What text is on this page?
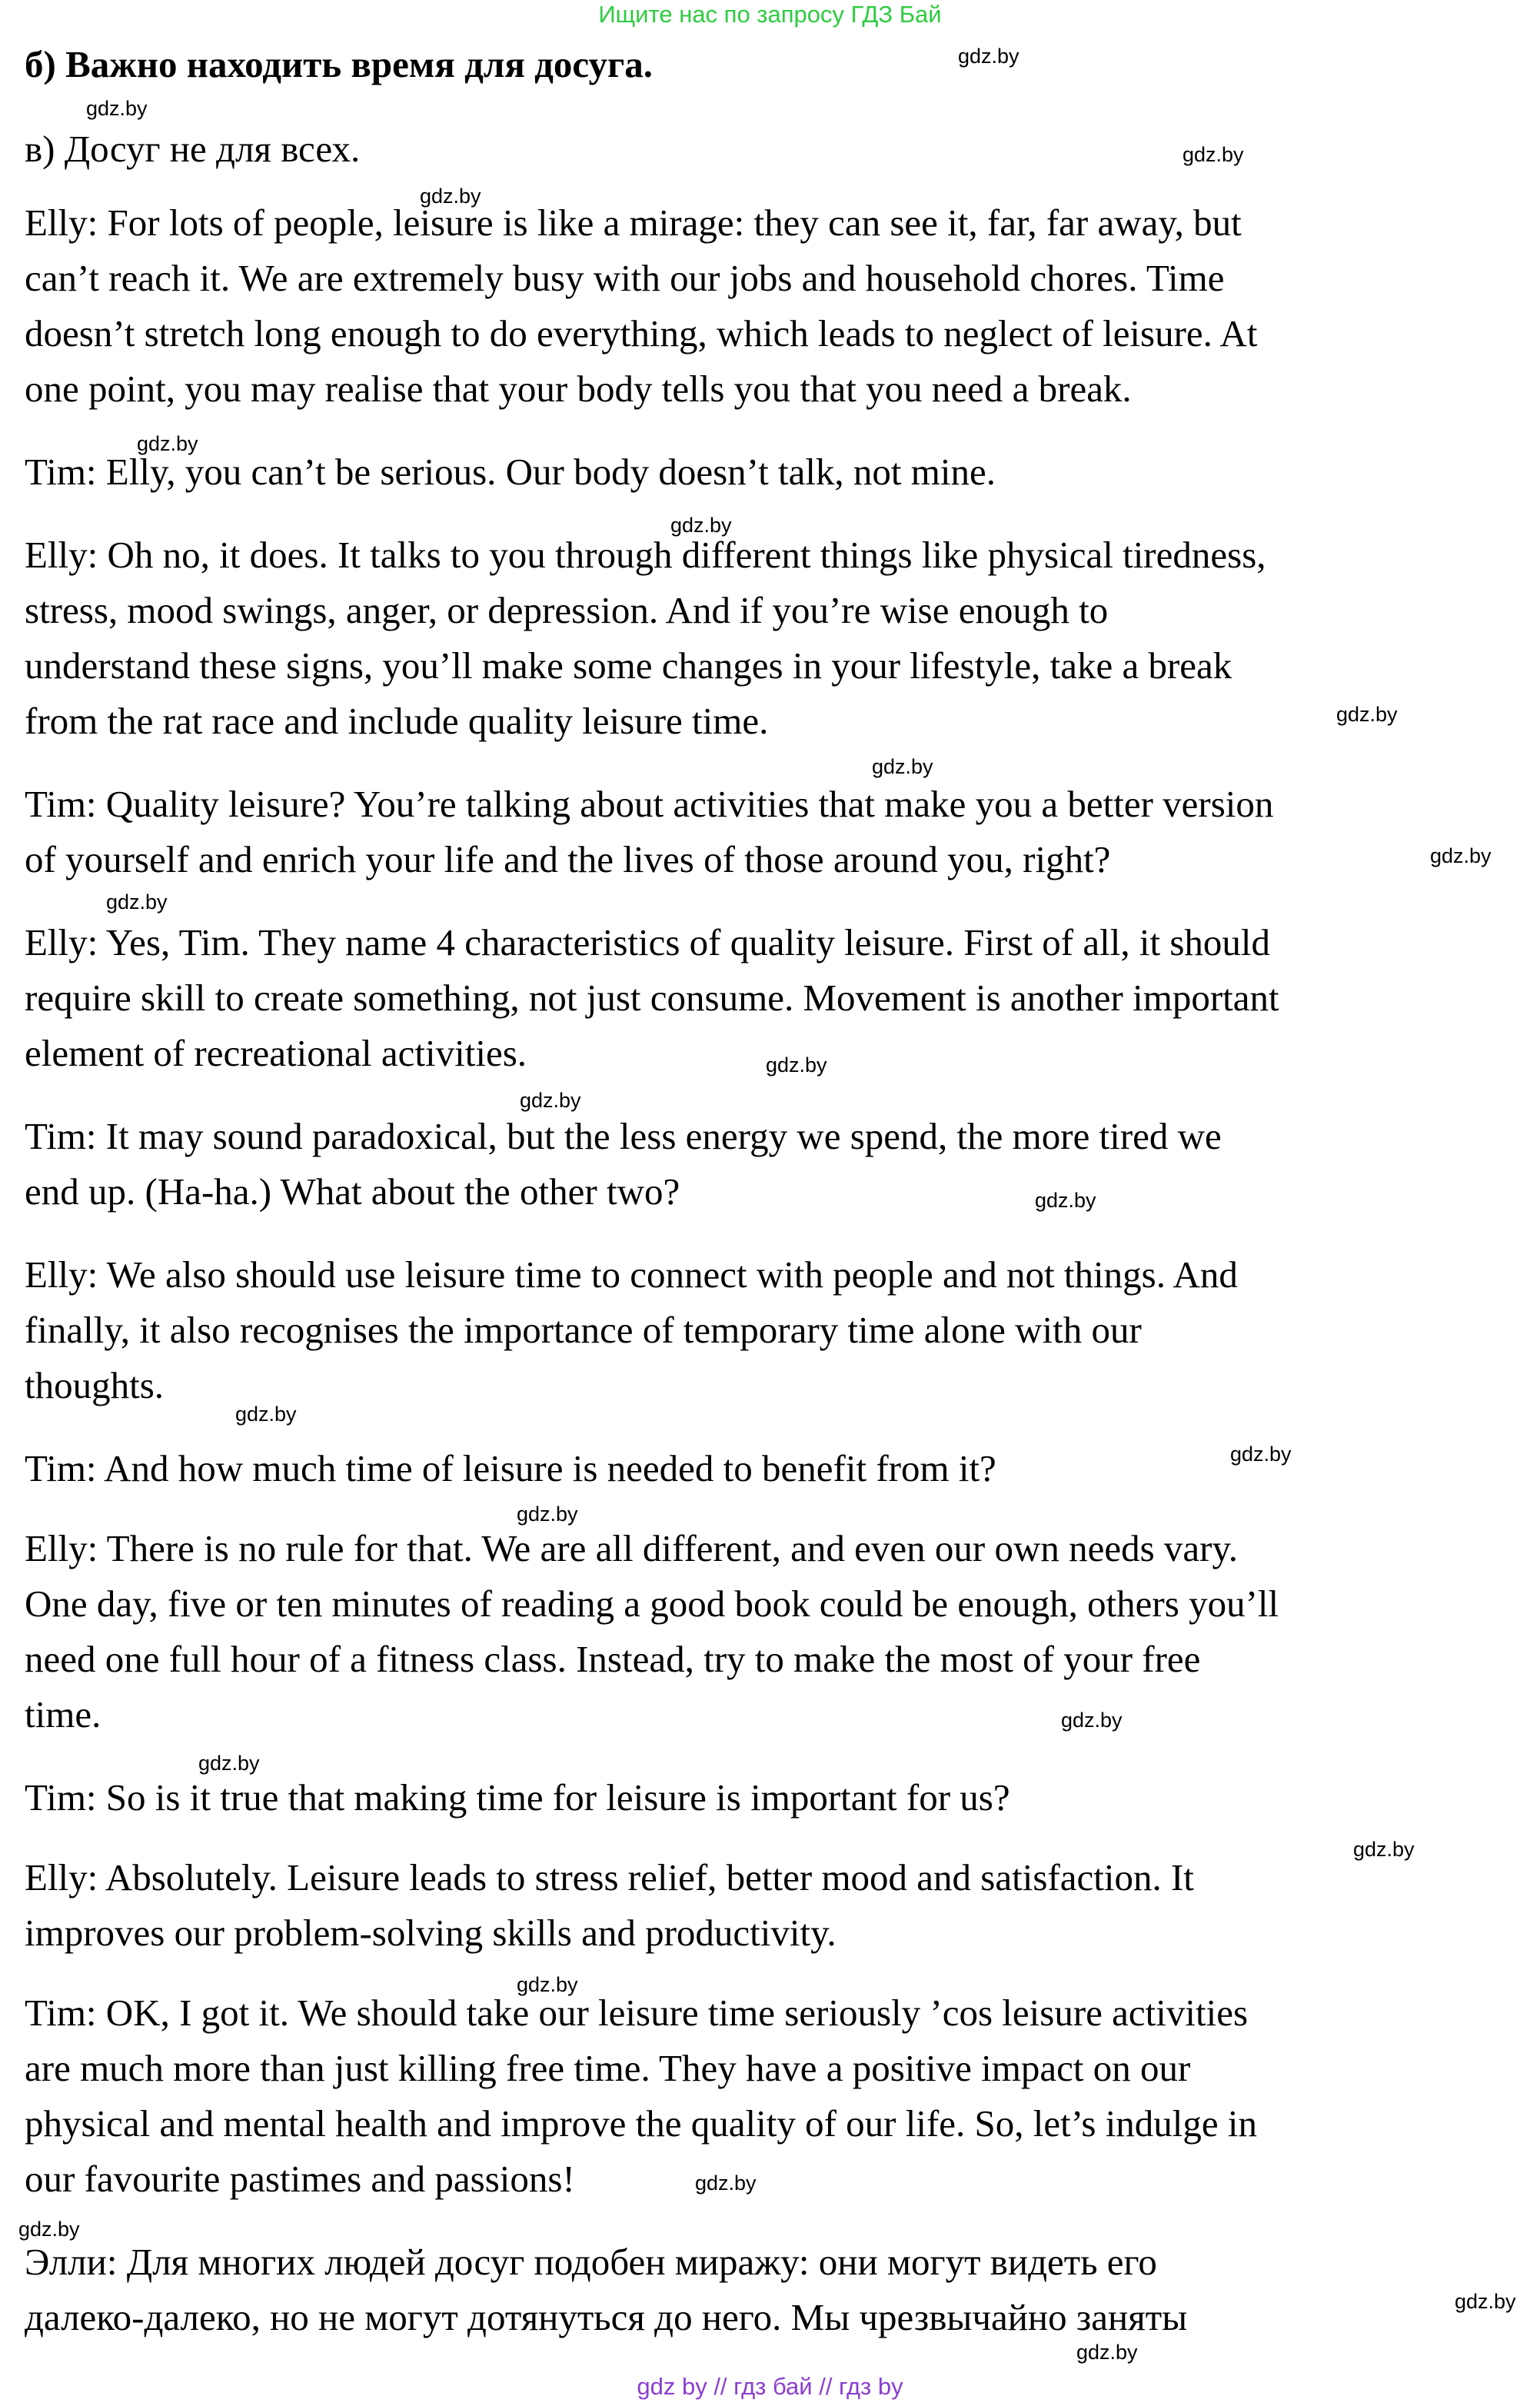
Ищите нас по запросу ГДЗ Бай
б) Важно находить время для досуга.
в) Досуг не для всех.
Elly: For lots of people, leisure is like a mirage: they can see it, far, far away, but
can’t reach it. We are extremely busy with our jobs and household chores. Time
doesn’t stretch long enough to do everything, which leads to neglect of leisure. At
one point, you may realise that your body tells you that you need a break.
Tim: Elly, you can’t be serious. Our body doesn’t talk, not mine.
Elly: Oh no, it does. It talks to you through different things like physical tiredness,
stress, mood swings, anger, or depression. And if you’re wise enough to
understand these signs, you’ll make some changes in your lifestyle, take a break
from the rat race and include quality leisure time.
Tim: Quality leisure? You’re talking about activities that make you a better version
of yourself and enrich your life and the lives of those around you, right?
Elly: Yes, Tim. They name 4 characteristics of quality leisure. First of all, it should
require skill to create something, not just consume. Movement is another important
element of recreational activities.
Tim: It may sound paradoxical, but the less energy we spend, the more tired we
end up. (Ha-ha.) What about the other two?
Elly: We also should use leisure time to connect with people and not things. And
finally, it also recognises the importance of temporary time alone with our
thoughts.
Tim: And how much time of leisure is needed to benefit from it?
Elly: There is no rule for that. We are all different, and even our own needs vary.
One day, five or ten minutes of reading a good book could be enough, others you’ll
need one full hour of a fitness class. Instead, try to make the most of your free
time.
Tim: So is it true that making time for leisure is important for us?
Elly: Absolutely. Leisure leads to stress relief, better mood and satisfaction. It
improves our problem-solving skills and productivity.
Tim: OK, I got it. We should take our leisure time seriously ’cos leisure activities
are much more than just killing free time. They have a positive impact on our
physical and mental health and improve the quality of our life. So, let’s indulge in
our favourite pastimes and passions!
Элли: Для многих людей досуг подобен миражу: они могут видеть его
далеко-далеко, но не могут дотянуться до него. Мы чрезвычайно заняты
gdz.by
gdz.by
gdz.by
gdz.by
gdz.by
gdz.by
gdz.by
gdz.by
gdz.by
gdz.by
gdz.by
gdz.by
gdz.by
gdz.by
gdz.by
gdz.by
gdz.by
gdz.by
gdz.by
gdz.by
gdz.by
gdz.by
gdz.by
gdz.by
gdz by // гдз бай // гдз by
